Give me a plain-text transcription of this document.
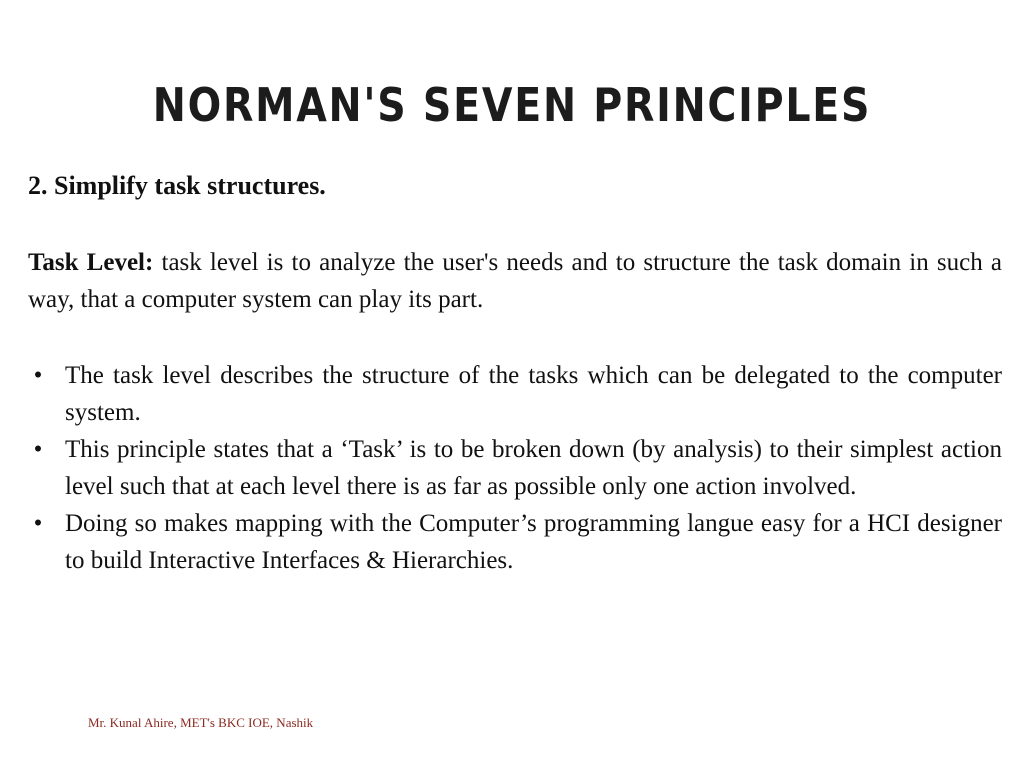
NORMAN'S SEVEN PRINCIPLES
2. Simplify task structures.
Task Level: task level is to analyze the user's needs and to structure the task domain in such a way, that a computer system can play its part.
• The task level describes the structure of the tasks which can be delegated to the computer system.
• This principle states that a ‘Task’ is to be broken down (by analysis) to their simplest action level such that at each level there is as far as possible only one action involved.
• Doing so makes mapping with the Computer’s programming langue easy for a HCI designer to build Interactive Interfaces & Hierarchies.
Mr. Kunal Ahire, MET's BKC IOE, Nashik
